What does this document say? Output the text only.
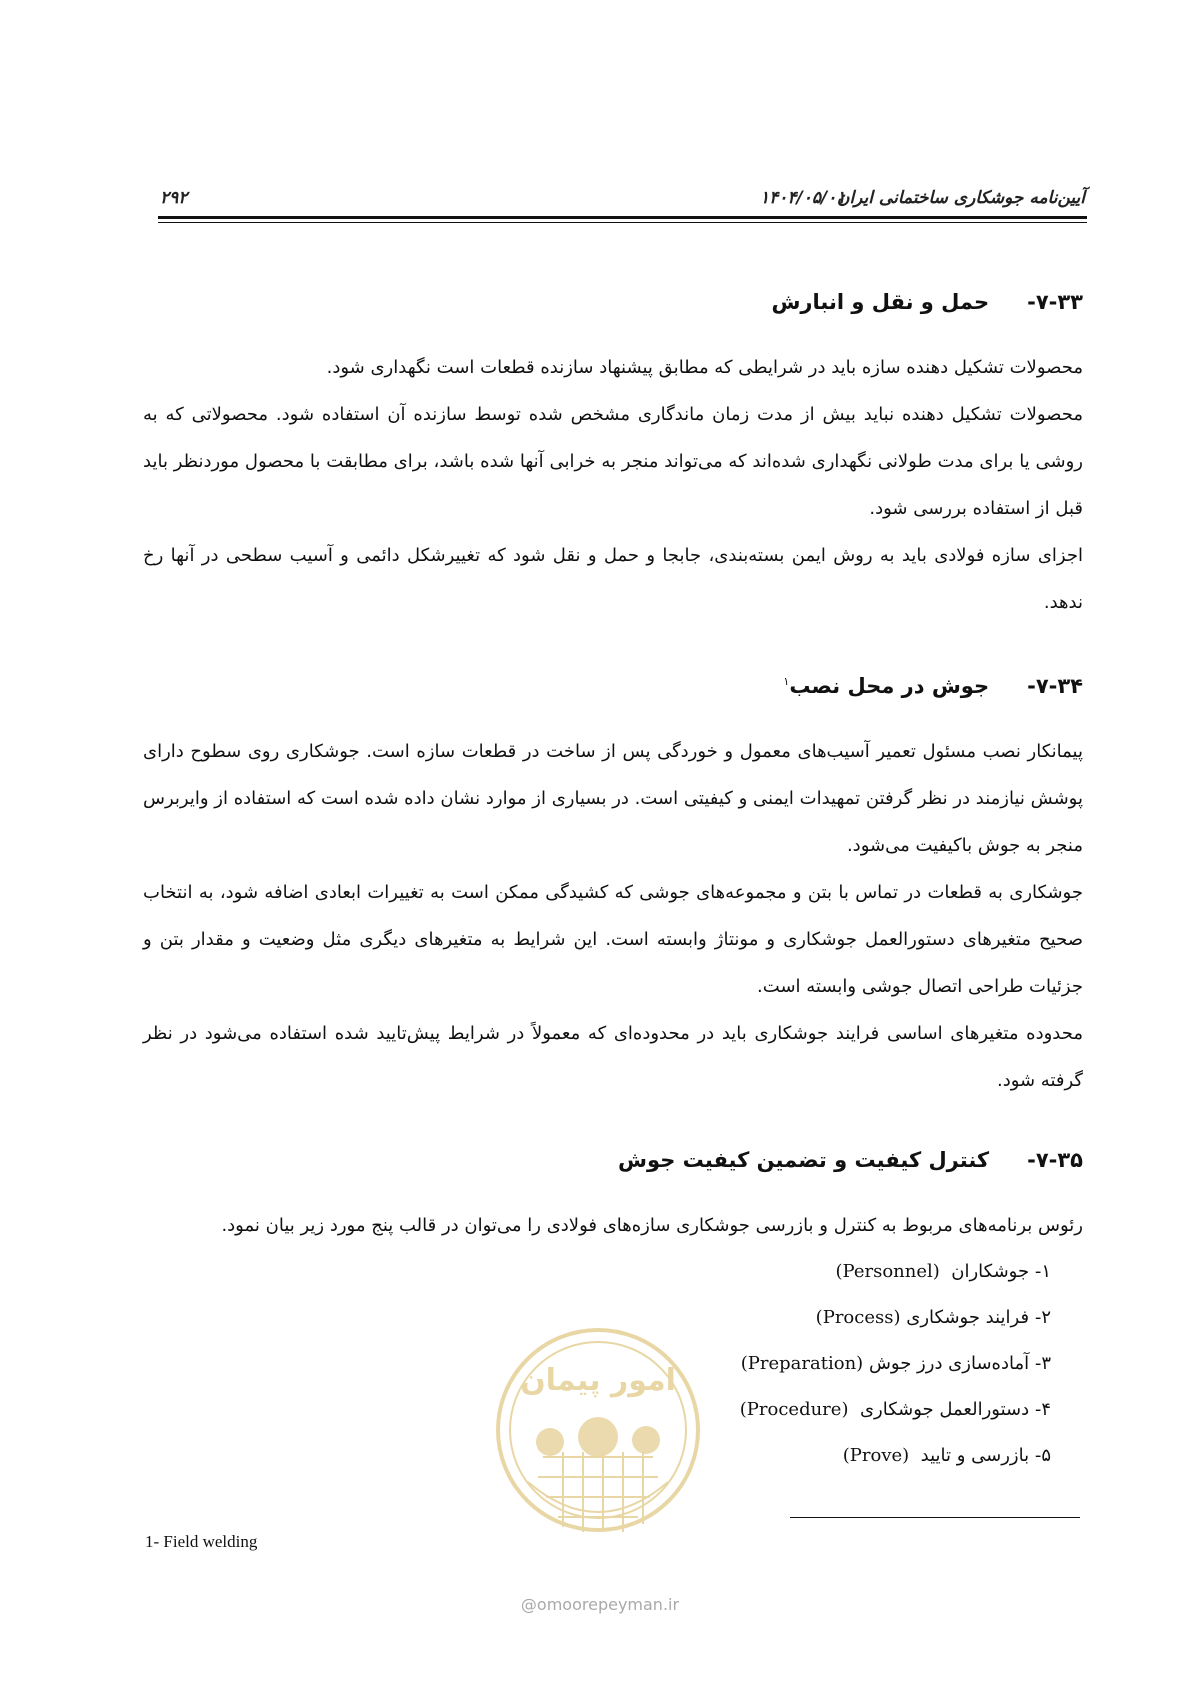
۲۹۲	۱۴۰۴/۰۵/۰۱
آیین‌نامه جوشکاری ساختمانی ایران
۷-۳۳-حمل و نقل و انبارش

محصولات تشکیل دهنده سازه باید در شرایطی که مطابق پیشنهاد سازنده قطعات است نگهداری شود.

محصولات تشکیل دهنده نباید بیش از مدت زمان ماندگاری مشخص شده توسط سازنده آن استفاده شود. محصولاتی که به روشی یا برای مدت طولانی نگهداری شده‌اند که می‌تواند منجر به خرابی آنها شده باشد، برای مطابقت با محصول موردنظر باید قبل از استفاده بررسی شود.

اجزای سازه فولادی باید به روش ایمن بسته‌بندی، جابجا و حمل و نقل شود که تغییرشکل دائمی و آسیب سطحی در آنها رخ ندهد.

۷-۳۴-جوش در محل نصب$^۱$

پیمانکار نصب مسئول تعمیر آسیب‌های معمول و خوردگی پس از ساخت در قطعات سازه است. جوشکاری روی سطوح دارای پوشش نیازمند در نظر گرفتن تمهیدات ایمنی و کیفیتی است. در بسیاری از موارد نشان داده شده است که استفاده از وایربرس منجر به جوش باکیفیت می‌شود.

جوشکاری به قطعات در تماس با بتن و مجموعه‌های جوشی که کشیدگی ممکن است به تغییرات ابعادی اضافه شود، به انتخاب صحیح متغیرهای دستورالعمل جوشکاری و مونتاژ وابسته است. این شرایط به متغیرهای دیگری مثل وضعیت و مقدار بتن و جزئیات طراحی اتصال جوشی وابسته است.

محدوده متغیرهای اساسی فرایند جوشکاری باید در محدوده‌ای که معمولاً در شرایط پیش‌تایید شده استفاده می‌شود در نظر گرفته شود.

۷-۳۵-کنترل کیفیت و تضمین کیفیت جوش

رئوس برنامه‌های مربوط به کنترل و بازرسی جوشکاری سازه‌های فولادی را می‌توان در قالب پنج مورد زیر بیان نمود.

۱- جوشکاران  (Personnel)
۲- فرایند جوشکاری (Process)
۳- آماده‌سازی درز جوش (Preparation)
۴- دستورالعمل جوشکاری  (Procedure)
۵- بازرسی و تایید  (Prove)
امور پیمان
@omoorepeyman.ir
1- Field welding
